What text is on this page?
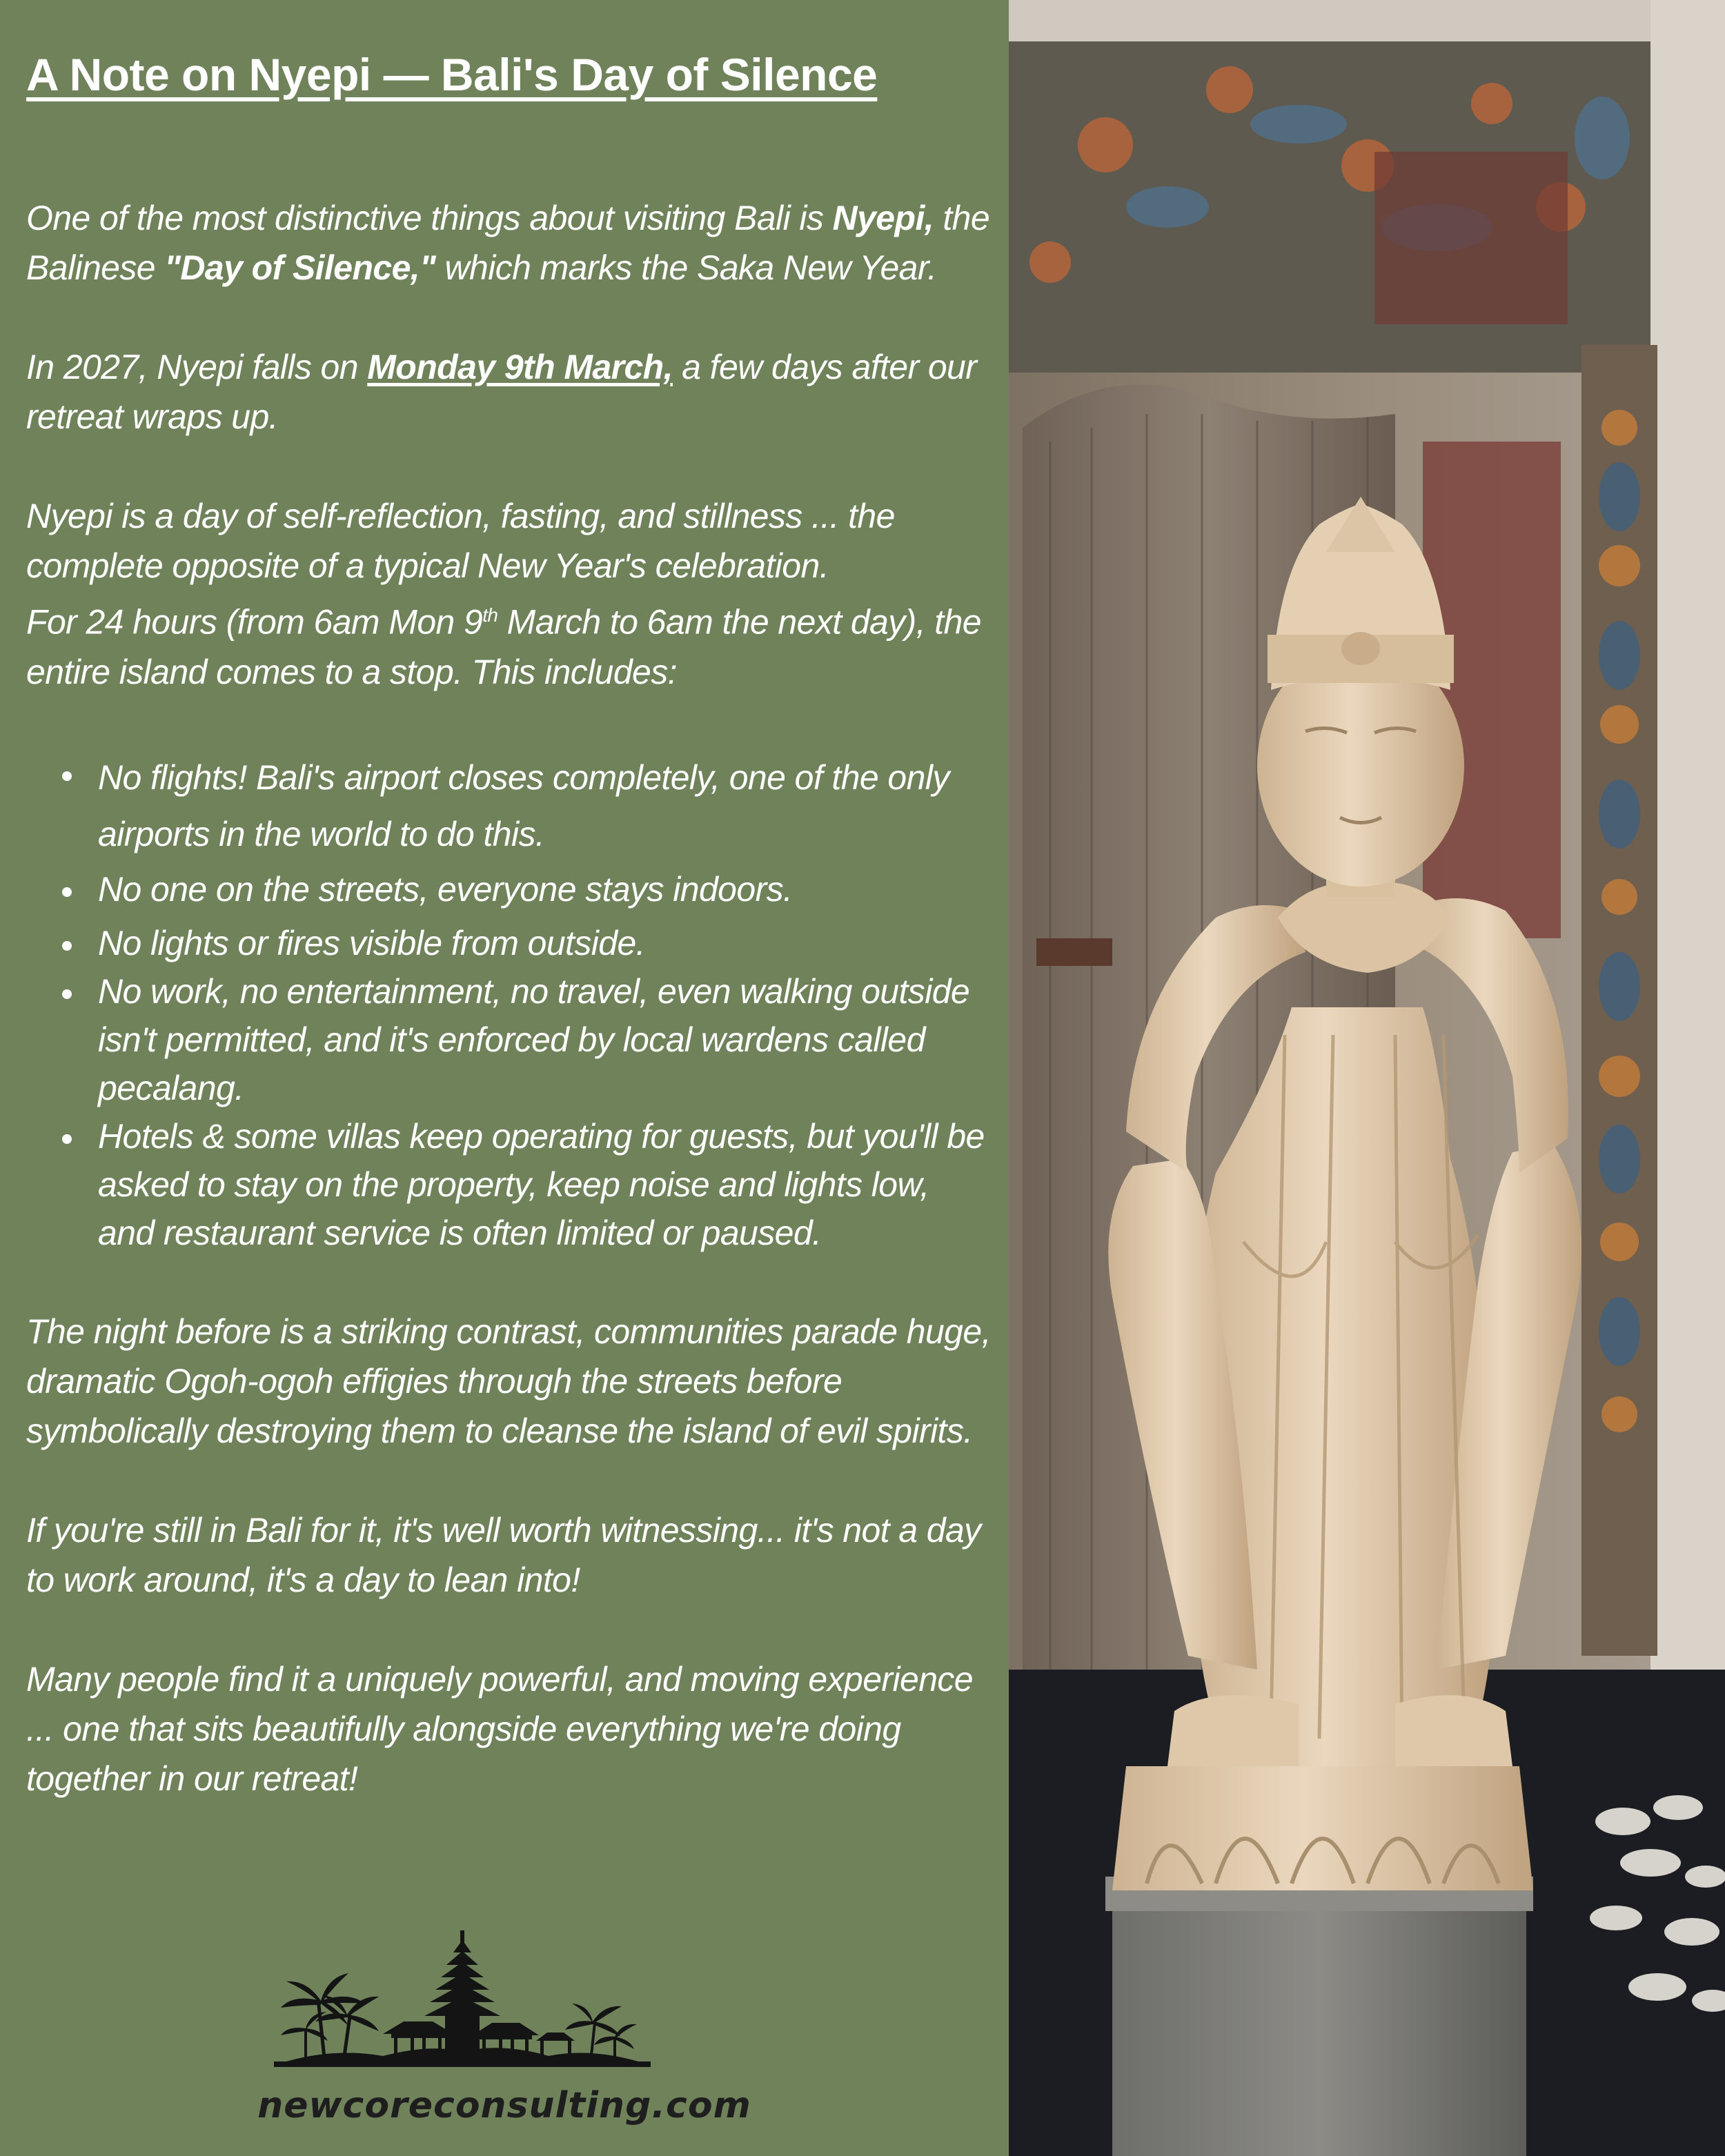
A Note on Nyepi — Bali's Day of Silence

One of the most distinctive things about visiting Bali is Nyepi, the Balinese "Day of Silence," which marks the Saka New Year.

In 2027, Nyepi falls on Monday 9th March, a few days after our retreat wraps up.

Nyepi is a day of self-reflection, fasting, and stillness ... the complete opposite of a typical New Year's celebration.
For 24 hours (from 6am Mon 9th March to 6am the next day), the entire island comes to a stop. This includes:

No flights! Bali's airport closes completely, one of the only airports in the world to do this.
No one on the streets, everyone stays indoors.
No lights or fires visible from outside.
No work, no entertainment, no travel, even walking outside isn't permitted, and it's enforced by local wardens called pecalang.
Hotels & some villas keep operating for guests, but you'll be asked to stay on the property, keep noise and lights low, and restaurant service is often limited or paused.

The night before is a striking contrast, communities parade huge, dramatic Ogoh-ogoh effigies through the streets before symbolically destroying them to cleanse the island of evil spirits.

If you're still in Bali for it, it's well worth witnessing... it's not a day to work around, it's a day to lean into!

Many people find it a uniquely powerful, and moving experience ... one that sits beautifully alongside everything we're doing together in our retreat!

newcoreconsulting.com
